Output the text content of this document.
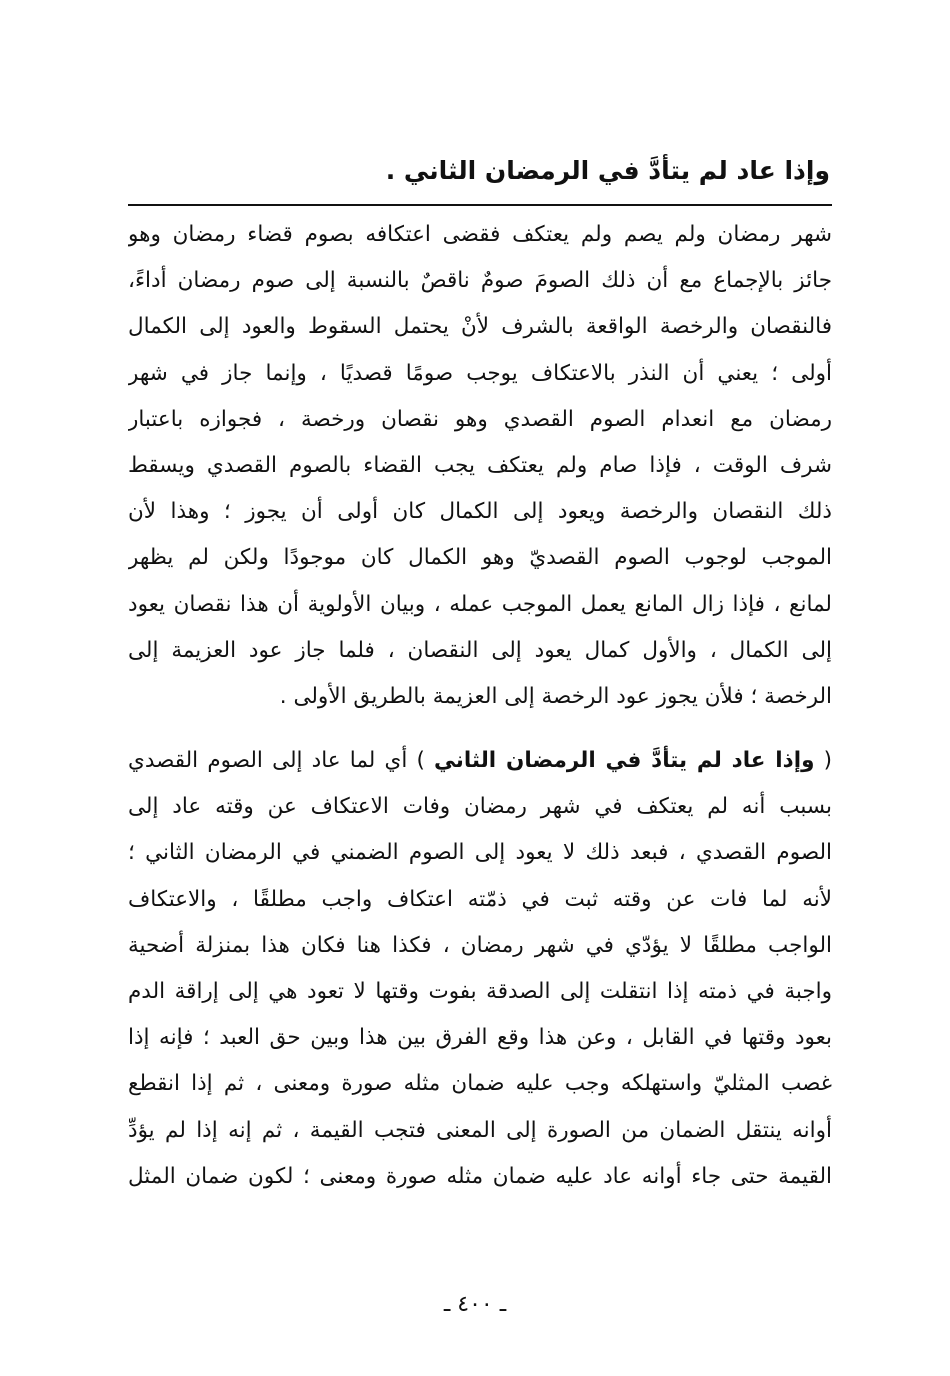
وإذا عاد لم يتأدَّ في الرمضان الثاني .
شهر رمضان ولم يصم ولم يعتكف فقضى اعتكافه بصوم قضاء رمضان وهو
جائز بالإجماع مع أن ذلك الصومَ صومٌ ناقصٌ بالنسبة إلى صوم رمضان أداءً،
فالنقصان والرخصة الواقعة بالشرف لأنْ يحتمل السقوط والعود إلى الكمال
أولى ؛ يعني أن النذر بالاعتكاف يوجب صومًا قصديًا ، وإنما جاز في شهر
رمضان مع انعدام الصوم القصدي وهو نقصان ورخصة ، فجوازه باعتبار
شرف الوقت ، فإذا صام ولم يعتكف يجب القضاء بالصوم القصدي ويسقط
ذلك النقصان والرخصة ويعود إلى الكمال كان أولى أن يجوز ؛ وهذا لأن
الموجب لوجوب الصوم القصديّ وهو الكمال كان موجودًا ولكن لم يظهر
لمانع ، فإذا زال المانع يعمل الموجب عمله ، وبيان الأولوية أن هذا نقصان يعود
إلى الكمال ، والأول كمال يعود إلى النقصان ، فلما جاز عود العزيمة إلى
الرخصة ؛ فلأن يجوز عود الرخصة إلى العزيمة بالطريق الأولى .
( وإذا عاد لم يتأدَّ في الرمضان الثاني ) أي لما عاد إلى الصوم القصدي
بسبب أنه لم يعتكف في شهر رمضان وفات الاعتكاف عن وقته عاد إلى
الصوم القصدي ، فبعد ذلك لا يعود إلى الصوم الضمني في الرمضان الثاني ؛
لأنه لما فات عن وقته ثبت في ذمّته اعتكاف واجب مطلقًا ، والاعتكاف
الواجب مطلقًا لا يؤدّي في شهر رمضان ، فكذا هنا فكان هذا بمنزلة أضحية
واجبة في ذمته إذا انتقلت إلى الصدقة بفوت وقتها لا تعود هي إلى إراقة الدم
بعود وقتها في القابل ، وعن هذا وقع الفرق بين هذا وبين حق العبد ؛ فإنه إذا
غصب المثليّ واستهلكه وجب عليه ضمان مثله صورة ومعنى ، ثم إذا انقطع
أوانه ينتقل الضمان من الصورة إلى المعنى فتجب القيمة ، ثم إنه إذا لم يؤدِّ
القيمة حتى جاء أوانه عاد عليه ضمان مثله صورة ومعنى ؛ لكون ضمان المثل
ـ ٤٠٠ ـ
